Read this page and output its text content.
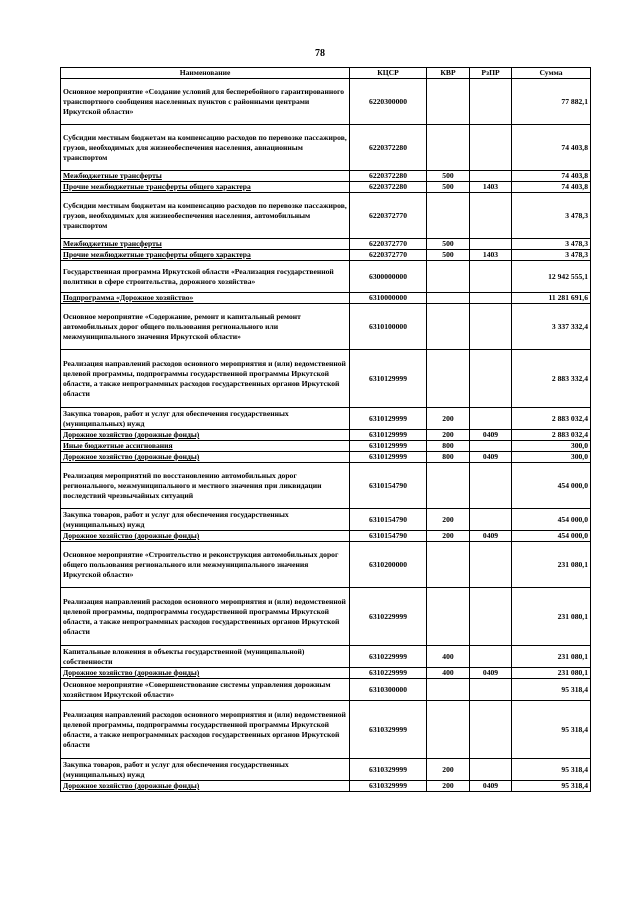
78
Наименование	КЦСР	КВР	РзПР	Сумма
Основное мероприятие «Создание условий для бесперебойного гарантированного транспортного сообщения населенных пунктов с районными центрами Иркутской области»	6220300000			77 882,1
Субсидии местным бюджетам на компенсацию расходов по перевозке пассажиров, грузов, необходимых для жизнеобеспечения населения, авиационным транспортом	6220372280			74 403,8
Межбюджетные трансферты	6220372280	500		74 403,8
Прочие межбюджетные трансферты общего характера	6220372280	500	1403	74 403,8
Субсидии местным бюджетам на компенсацию расходов по перевозке пассажиров, грузов, необходимых для жизнеобеспечения населения, автомобильным транспортом	6220372770			3 478,3
Межбюджетные трансферты	6220372770	500		3 478,3
Прочие межбюджетные трансферты общего характера	6220372770	500	1403	3 478,3
Государственная программа Иркутской области «Реализация государственной политики в сфере строительства, дорожного хозяйства»	6300000000			12 942 555,1
Подпрограмма «Дорожное хозяйство»	6310000000			11 281 691,6
Основное мероприятие «Содержание, ремонт и капитальный ремонт автомобильных дорог общего пользования регионального или межмуниципального значения Иркутской области»	6310100000			3 337 332,4
Реализация направлений расходов основного мероприятия и (или) ведомственной целевой программы, подпрограммы государственной программы Иркутской области, а также непрограммных расходов государственных органов Иркутской области	6310129999			2 883 332,4
Закупка товаров, работ и услуг для обеспечения государственных (муниципальных) нужд	6310129999	200		2 883 032,4
Дорожное хозяйство (дорожные фонды)	6310129999	200	0409	2 883 032,4
Иные бюджетные ассигнования	6310129999	800		300,0
Дорожное хозяйство (дорожные фонды)	6310129999	800	0409	300,0
Реализация мероприятий по восстановлению автомобильных дорог регионального, межмуниципального и местного значения при ликвидации последствий чрезвычайных ситуаций	6310154790			454 000,0
Закупка товаров, работ и услуг для обеспечения государственных (муниципальных) нужд	6310154790	200		454 000,0
Дорожное хозяйство (дорожные фонды)	6310154790	200	0409	454 000,0
Основное мероприятие «Строительство и реконструкция автомобильных дорог общего пользования регионального или межмуниципального значения Иркутской области»	6310200000			231 080,1
Реализация направлений расходов основного мероприятия и (или) ведомственной целевой программы, подпрограммы государственной программы Иркутской области, а также непрограммных расходов государственных органов Иркутской области	6310229999			231 080,1
Капитальные вложения в объекты государственной (муниципальной) собственности	6310229999	400		231 080,1
Дорожное хозяйство (дорожные фонды)	6310229999	400	0409	231 080,1
Основное мероприятие «Совершенствование системы управления дорожным хозяйством Иркутской области»	6310300000			95 318,4
Реализация направлений расходов основного мероприятия и (или) ведомственной целевой программы, подпрограммы государственной программы Иркутской области, а также непрограммных расходов государственных органов Иркутской области	6310329999			95 318,4
Закупка товаров, работ и услуг для обеспечения государственных (муниципальных) нужд	6310329999	200		95 318,4
Дорожное хозяйство (дорожные фонды)	6310329999	200	0409	95 318,4
